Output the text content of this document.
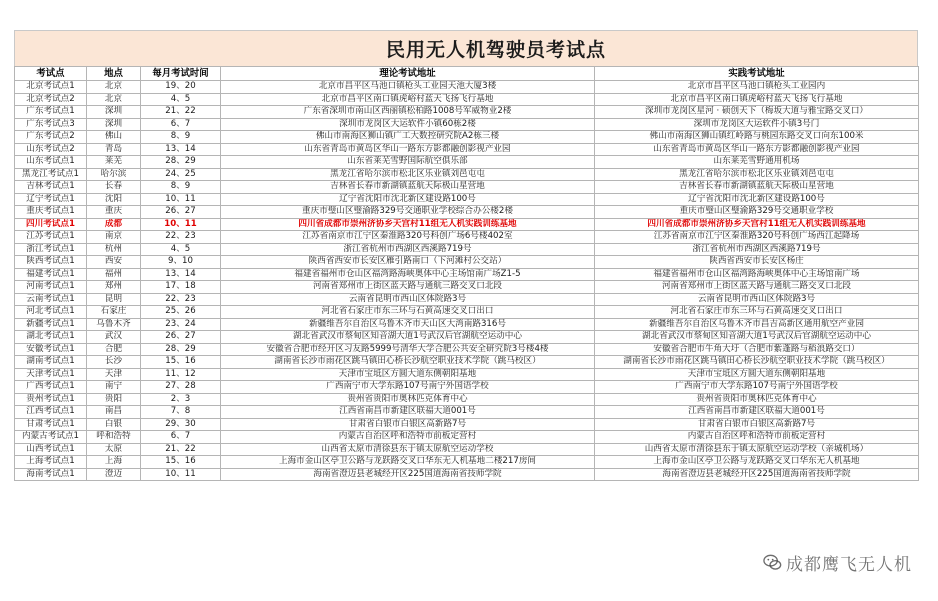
民用无人机驾驶员考试点
考试点	地点	每月考试时间	理论考试地址	实践考试地址
北京考试点1	北京	19、20	北京市昌平区马池口镇枪头工业园天池大厦3楼	北京市昌平区马池口镇枪头工业园内
北京考试点2	北京	4、5	北京市昌平区南口镇虎峪村蓝天飞扬飞行基地	北京市昌平区南口镇虎峪村蓝天飞扬飞行基地
广东考试点1	深圳	21、22	广东省深圳市南山区西丽镇松柏路1008号军威物业2楼	深圳市龙岗区星河 · 硕创天下（梅坂大道与雅宝路交叉口）
广东考试点3	深圳	6、7	深圳市龙岗区大运软件小镇60栋2楼	深圳市龙岗区大运软件小镇3号门
广东考试点2	佛山	8、9	佛山市南海区狮山镇广工大数控研究院A2栋三楼	佛山市南海区狮山镇红岭路与桃园东路交叉口向东100米
山东考试点2	青岛	13、14	山东省青岛市黄岛区华山一路东方影都融创影视产业园	山东省青岛市黄岛区华山一路东方影都融创影视产业园
山东考试点1	莱芜	28、29	山东省莱芜雪野国际航空俱乐部	山东莱芜雪野通用机场
黑龙江考试点1	哈尔滨	24、25	黑龙江省哈尔滨市松北区乐业镇刘邑屯屯	黑龙江省哈尔滨市松北区乐业镇刘邑屯屯
吉林考试点1	长春	8、9	吉林省长春市新湖镇蓝航天际极山星营地	吉林省长春市新湖镇蓝航天际极山星营地
辽宁考试点1	沈阳	10、11	辽宁省沈阳市沈北新区建设路100号	辽宁省沈阳市沈北新区建设路100号
重庆考试点1	重庆	26、27	重庆市璧山区璧渝路329号交通职业学校综合办公楼2楼	重庆市璧山区璧渝路329号交通职业学校
四川考试点1	成都	10、11	四川省成都市崇州济协乡天宫村11组无人机实践训练基地	四川省成都市崇州济协乡天宫村11组无人机实践训练基地
江苏考试点1	南京	22、23	江苏省南京市江宁区秦淮路320号科创广场6号楼402室	江苏省南京市江宁区秦淮路320号科创广场西江起降场
浙江考试点1	杭州	4、5	浙江省杭州市西湖区西溪路719号	浙江省杭州市西湖区西溪路719号
陕西考试点1	西安	9、10	陕西省西安市长安区雁引路南口（下河滩村公交站）	陕西省西安市长安区杨庄
福建考试点1	福州	13、14	福建省福州市仓山区福湾路海峡奥体中心主场馆南广场Z1-5	福建省福州市仓山区福湾路海峡奥体中心主场馆南广场
河南考试点1	郑州	17、18	河南省郑州市上街区蓝天路与通航三路交叉口北段	河南省郑州市上街区蓝天路与通航三路交叉口北段
云南考试点1	昆明	22、23	云南省昆明市西山区体院路3号	云南省昆明市西山区体院路3号
河北考试点1	石家庄	25、26	河北省石家庄市东三环与石黄高速交叉口出口	河北省石家庄市东三环与石黄高速交叉口出口
新疆考试点1	乌鲁木齐	23、24	新疆维吾尔自治区乌鲁木齐市天山区大湾南路316号	新疆维吾尔自治区乌鲁木齐市昌吉高新区通用航空产业园
湖北考试点1	武汉	26、27	湖北省武汉市蔡甸区知音湖大道1号武汉后官湖航空运动中心	湖北省武汉市蔡甸区知音湖大道1号武汉后官湖航空运动中心
安徽考试点1	合肥	28、29	安徽省合肥市经开区习友路5999号清华大学合肥公共安全研究院3号楼4楼	安徽省合肥市牛角大圩（合肥市紫蓬路与稻浪路交口）
湖南考试点1	长沙	15、16	湖南省长沙市雨花区跳马镇田心桥长沙航空职业技术学院（跳马校区）	湖南省长沙市雨花区跳马镇田心桥长沙航空职业技术学院（跳马校区）
天津考试点1	天津	11、12	天津市宝坻区方圆大道东侧朝阳基地	天津市宝坻区方圆大道东侧朝阳基地
广西考试点1	南宁	27、28	广西南宁市大学东路107号南宁外国语学校	广西南宁市大学东路107号南宁外国语学校
贵州考试点1	贵阳	2、3	贵州省贵阳市奥林匹克体育中心	贵州省贵阳市奥林匹克体育中心
江西考试点1	南昌	7、8	江西省南昌市新建区联福大道001号	江西省南昌市新建区联福大道001号
甘肃考试点1	白银	29、30	甘肃省白银市白银区高新路7号	甘肃省白银市白银区高新路7号
内蒙古考试点1	呼和浩特	6、7	内蒙古自治区呼和浩特市前板定营村	内蒙古自治区呼和浩特市前板定营村
山西考试点1	太原	21、22	山西省太原市清徐县东于镇太原航空运动学校	山西省太原市清徐县东于镇太原航空运动学校（亲城机场）
上海考试点1	上海	15、16	上海市金山区亭卫公路与龙跃路交叉口华东无人机基地二楼217房间	上海市金山区亭卫公路与龙跃路交叉口华东无人机基地
海南考试点1	澄迈	10、11	海南省澄迈县老城经开区225国道海南省技师学院	海南省澄迈县老城经开区225国道海南省技师学院
成都鹰飞无人机
